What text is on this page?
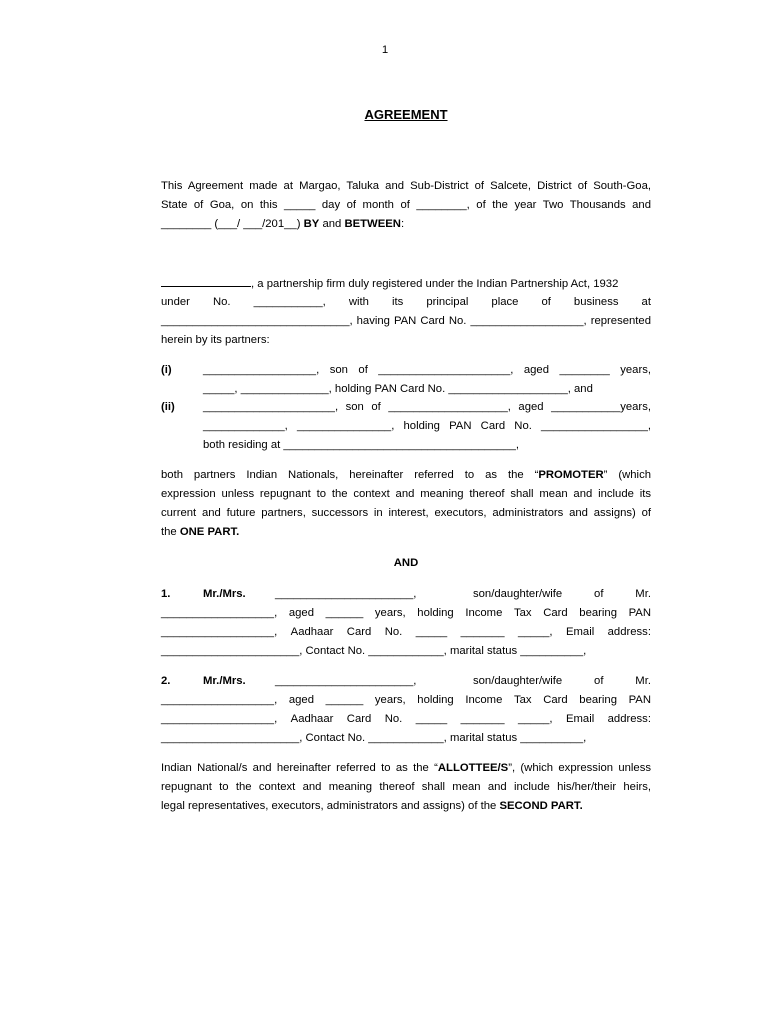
1
AGREEMENT
This Agreement made at Margao, Taluka and Sub-District of Salcete, District of South-Goa,
State of Goa, on this _____ day of month of ________, of the year Two Thousands and
________ (___/ ___/201__) BY and BETWEEN:
, a partnership firm duly registered under the Indian Partnership Act, 1932
under No. ___________, with its principal place of business at
______________________________, having PAN Card No. __________________, represented
herein by its partners:
(i)	__________________, son of _____________________, aged ________ years,
_____, ______________, holding PAN Card No. ___________________, and
(ii) _____________________, son of ___________________, aged ___________years,
_____________, _______________, holding PAN Card No. _________________,
both residing at _____________________________________,
both partners Indian Nationals, hereinafter referred to as the “PROMOTER” (which
expression unless repugnant to the context and meaning thereof shall mean and include its
current and future partners, successors in interest, executors, administrators and assigns) of
the ONE PART.
AND
1.	Mr./Mrs.	______________________,	son/daughter/wife	of	Mr.
__________________, aged ______ years, holding Income Tax Card bearing PAN
__________________, Aadhaar Card No. _____ _______ _____, Email address:
______________________, Contact No. ____________, marital status __________,
2.	Mr./Mrs.	______________________,	son/daughter/wife	of	Mr.
__________________, aged ______ years, holding Income Tax Card bearing PAN
__________________, Aadhaar Card No. _____ _______ _____, Email address:
______________________, Contact No. ____________, marital status __________,
Indian National/s and hereinafter referred to as the “ALLOTTEE/S”, (which expression unless
repugnant to the context and meaning thereof shall mean and include his/her/their heirs,
legal representatives, executors, administrators and assigns) of the SECOND PART.
